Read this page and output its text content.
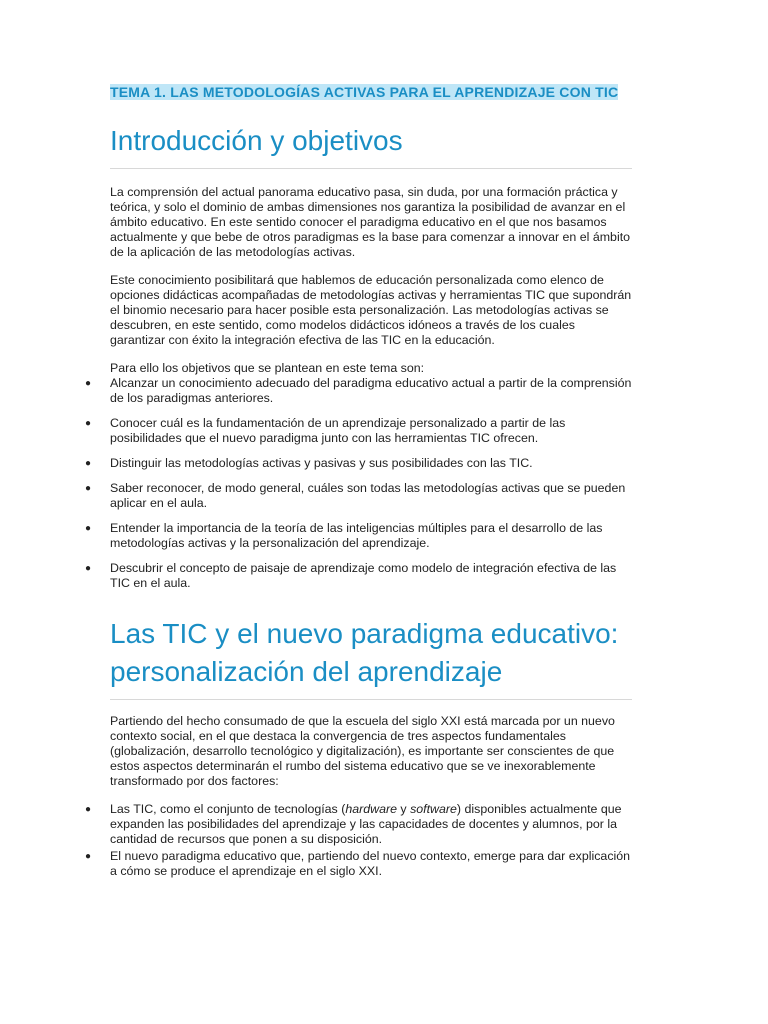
TEMA 1. LAS METODOLOGÍAS ACTIVAS PARA EL APRENDIZAJE CON TIC

Introducción y objetivos

La comprensión del actual panorama educativo pasa, sin duda, por una formación práctica y teórica, y solo el dominio de ambas dimensiones nos garantiza la posibilidad de avanzar en el ámbito educativo. En este sentido conocer el paradigma educativo en el que nos basamos actualmente y que bebe de otros paradigmas es la base para comenzar a innovar en el ámbito de la aplicación de las metodologías activas.

Este conocimiento posibilitará que hablemos de educación personalizada como elenco de opciones didácticas acompañadas de metodologías activas y herramientas TIC que supondrán el binomio necesario para hacer posible esta personalización. Las metodologías activas se descubren, en este sentido, como modelos didácticos idóneos a través de los cuales garantizar con éxito la integración efectiva de las TIC en la educación.

Para ello los objetivos que se plantean en este tema son:

● Alcanzar un conocimiento adecuado del paradigma educativo actual a partir de la comprensión de los paradigmas anteriores.
● Conocer cuál es la fundamentación de un aprendizaje personalizado a partir de las posibilidades que el nuevo paradigma junto con las herramientas TIC ofrecen.
● Distinguir las metodologías activas y pasivas y sus posibilidades con las TIC.
● Saber reconocer, de modo general, cuáles son todas las metodologías activas que se pueden aplicar en el aula.
● Entender la importancia de la teoría de las inteligencias múltiples para el desarrollo de las metodologías activas y la personalización del aprendizaje.
● Descubrir el concepto de paisaje de aprendizaje como modelo de integración efectiva de las TIC en el aula.
Las TIC y el nuevo paradigma educativo: personalización del aprendizaje

Partiendo del hecho consumado de que la escuela del siglo XXI está marcada por un nuevo contexto social, en el que destaca la convergencia de tres aspectos fundamentales (globalización, desarrollo tecnológico y digitalización), es importante ser conscientes de que estos aspectos determinarán el rumbo del sistema educativo que se ve inexorablemente transformado por dos factores:

● Las TIC, como el conjunto de tecnologías (hardware y software) disponibles actualmente que expanden las posibilidades del aprendizaje y las capacidades de docentes y alumnos, por la cantidad de recursos que ponen a su disposición.
● El nuevo paradigma educativo que, partiendo del nuevo contexto, emerge para dar explicación a cómo se produce el aprendizaje en el siglo XXI.
